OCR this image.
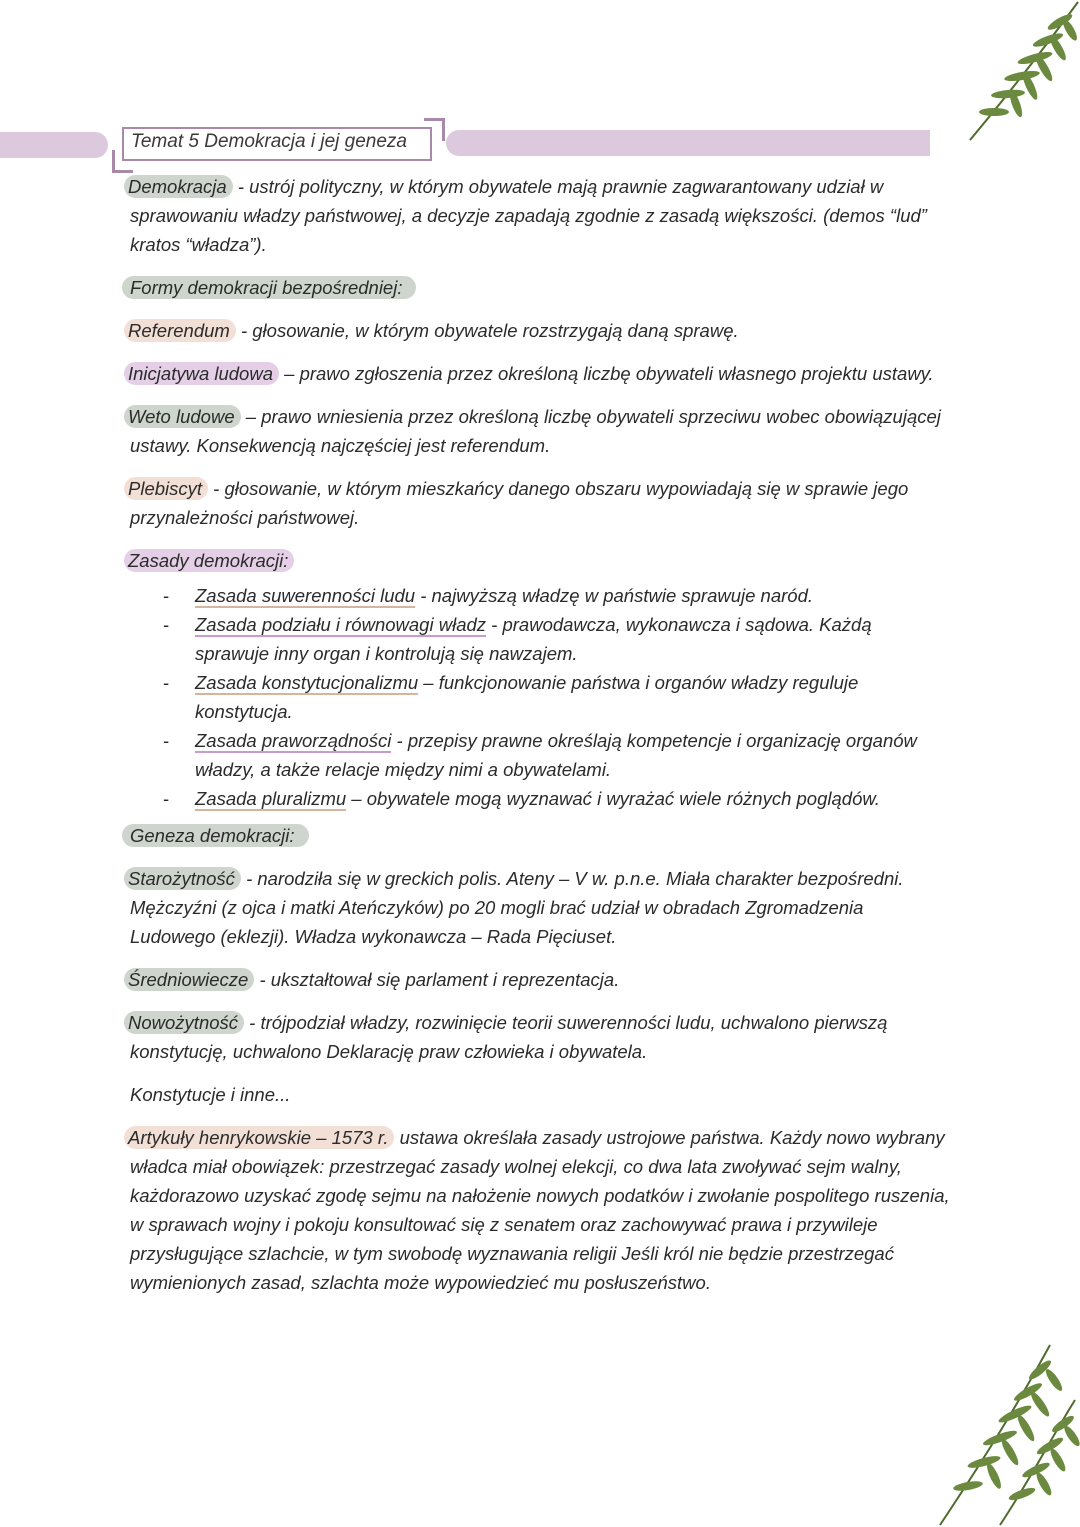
Temat 5 Demokracja i jej geneza

Demokracja - ustrój polityczny, w którym obywatele mają prawnie zagwarantowany udział w sprawowaniu władzy państwowej, a decyzje zapadają zgodnie z zasadą większości. (demos “lud” kratos “władza”).

Formy demokracji bezpośredniej:

Referendum - głosowanie, w którym obywatele rozstrzygają daną sprawę.

Inicjatywa ludowa – prawo zgłoszenia przez określoną liczbę obywateli własnego projektu ustawy.

Weto ludowe – prawo wniesienia przez określoną liczbę obywateli sprzeciwu wobec obowiązującej ustawy. Konsekwencją najczęściej jest referendum.

Plebiscyt - głosowanie, w którym mieszkańcy danego obszaru wypowiadają się w sprawie jego przynależności państwowej.

Zasady demokracji:

- Zasada suwerenności ludu - najwyższą władzę w państwie sprawuje naród.
- Zasada podziału i równowagi władz - prawodawcza, wykonawcza i sądowa. Każdą sprawuje inny organ i kontrolują się nawzajem.
- Zasada konstytucjonalizmu – funkcjonowanie państwa i organów władzy reguluje konstytucja.
- Zasada praworządności - przepisy prawne określają kompetencje i organizację organów władzy, a także relacje między nimi a obywatelami.
- Zasada pluralizmu – obywatele mogą wyznawać i wyrażać wiele różnych poglądów.

Geneza demokracji:

Starożytność - narodziła się w greckich polis. Ateny – V w. p.n.e. Miała charakter bezpośredni. Mężczyźni (z ojca i matki Ateńczyków) po 20 mogli brać udział w obradach Zgromadzenia Ludowego (eklezji). Władza wykonawcza – Rada Pięciuset.

Średniowiecze - ukształtował się parlament i reprezentacja.

Nowożytność - trójpodział władzy, rozwinięcie teorii suwerenności ludu, uchwalono pierwszą konstytucję, uchwalono Deklarację praw człowieka i obywatela.

Konstytucje i inne...

Artykuły henrykowskie – 1573 r. ustawa określała zasady ustrojowe państwa. Każdy nowo wybrany władca miał obowiązek: przestrzegać zasady wolnej elekcji, co dwa lata zwoływać sejm walny, każdorazowo uzyskać zgodę sejmu na nałożenie nowych podatków i zwołanie pospolitego ruszenia, w sprawach wojny i pokoju konsultować się z senatem oraz zachowywać prawa i przywileje przysługujące szlachcie, w tym swobodę wyznawania religii Jeśli król nie będzie przestrzegać wymienionych zasad, szlachta może wypowiedzieć mu posłuszeństwo.
